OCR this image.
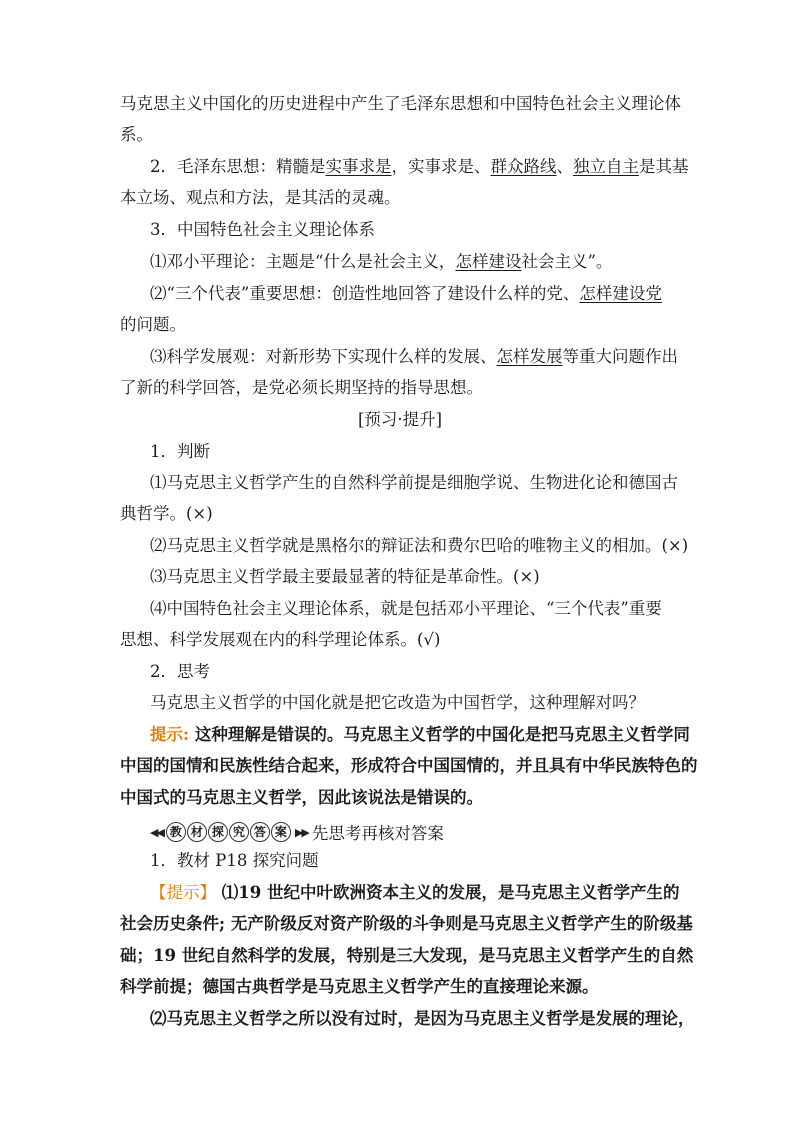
马克思主义中国化的历史进程中产生了毛泽东思想和中国特色社会主义理论体
系。
2．毛泽东思想：精髓是实事求是，实事求是、群众路线、独立自主是其基
本立场、观点和方法，是其活的灵魂。
3．中国特色社会主义理论体系
⑴邓小平理论：主题是“什么是社会主义，怎样建设社会主义”。
⑵“三个代表”重要思想：创造性地回答了建设什么样的党、怎样建设党
的问题。
⑶科学发展观：对新形势下实现什么样的发展、怎样发展等重大问题作出
了新的科学回答，是党必须长期坚持的指导思想。
[预习·提升]
1．判断
⑴马克思主义哲学产生的自然科学前提是细胞学说、生物进化论和德国古
典哲学。(×)
⑵马克思主义哲学就是黑格尔的辩证法和费尔巴哈的唯物主义的相加。(×)
⑶马克思主义哲学最主要最显著的特征是革命性。(×)
⑷中国特色社会主义理论体系，就是包括邓小平理论、“三个代表”重要
思想、科学发展观在内的科学理论体系。(√)
2．思考
马克思主义哲学的中国化就是把它改造为中国哲学，这种理解对吗？
提示: 这种理解是错误的。马克思主义哲学的中国化是把马克思主义哲学同
中国的国情和民族性结合起来，形成符合中国国情的，并且具有中华民族特色的
中国式的马克思主义哲学，因此该说法是错误的。
◀◀ 教 材 探 究 答 案 ▶▶ 先思考再核对答案
1．教材 P18 探究问题
【提示】 ⑴19 世纪中叶欧洲资本主义的发展，是马克思主义哲学产生的
社会历史条件; 无产阶级反对资产阶级的斗争则是马克思主义哲学产生的阶级基
础；19 世纪自然科学的发展，特别是三大发现，是马克思主义哲学产生的自然
科学前提；德国古典哲学是马克思主义哲学产生的直接理论来源。
⑵马克思主义哲学之所以没有过时，是因为马克思主义哲学是发展的理论，
